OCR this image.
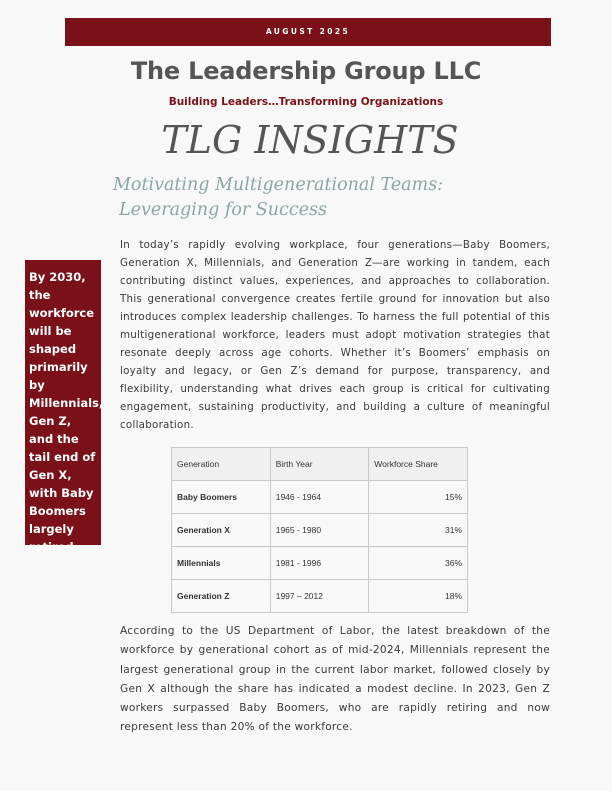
AUGUST 2025
The Leadership Group LLC
Building Leaders…Transforming Organizations
TLG INSIGHTS
Motivating Multigenerational Teams:
Leveraging for Success
By 2030, the workforce will be shaped primarily by Millennials, Gen Z, and the tail end of Gen X, with Baby Boomers largely retired.

In today’s rapidly evolving workplace, four generations—Baby Boomers, Generation X, Millennials, and Generation Z—are working in tandem, each contributing distinct values, experiences, and approaches to collaboration. This generational convergence creates fertile ground for innovation but also introduces complex leadership challenges. To harness the full potential of this multigenerational workforce, leaders must adopt motivation strategies that resonate deeply across age cohorts. Whether it’s Boomers’ emphasis on loyalty and legacy, or Gen Z’s demand for purpose, transparency, and flexibility, understanding what drives each group is critical for cultivating engagement, sustaining productivity, and building a culture of meaningful collaboration.

Generation	Birth Year	Workforce Share
Baby Boomers	1946 - 1964	15%
Generation X	1965 - 1980	31%
Millennials	1981 - 1996	36%
Generation Z	1997 – 2012	18%

According to the US Department of Labor, the latest breakdown of the workforce by generational cohort as of mid-2024, Millennials represent the largest generational group in the current labor market, followed closely by Gen X although the share has indicated a modest decline. In 2023, Gen Z workers surpassed Baby Boomers, who are rapidly retiring and now represent less than 20% of the workforce.
